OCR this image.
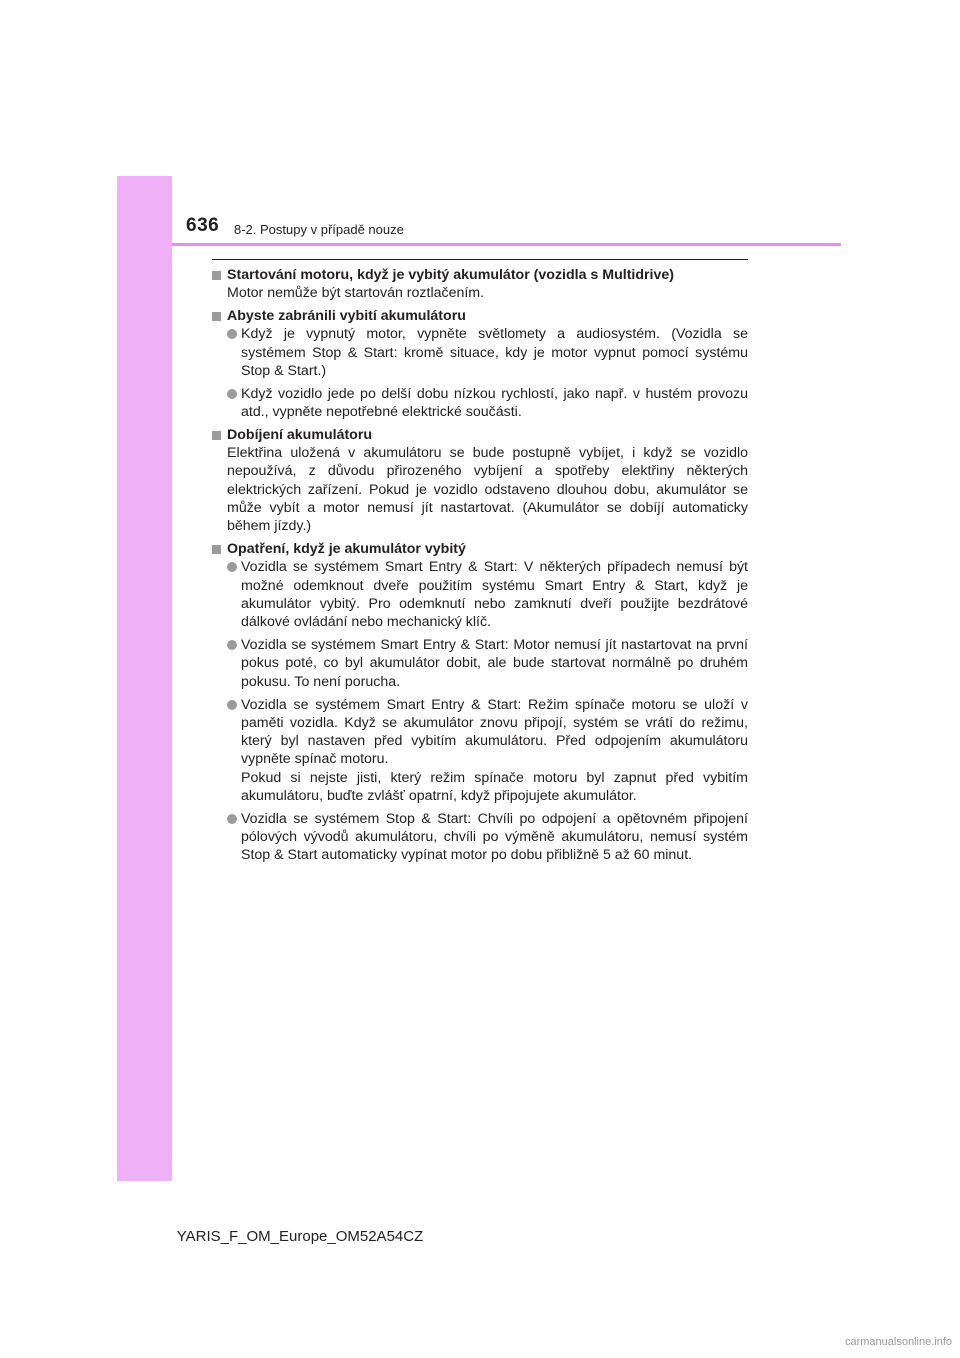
636 8-2. Postupy v případě nouze
Startování motoru, když je vybitý akumulátor (vozidla s Multidrive)

Motor nemůže být startován roztlačením.

Abyste zabránili vybití akumulátoru

Když je vypnutý motor, vypněte světlomety a audiosystém. (Vozidla se systémem Stop & Start: kromě situace, kdy je motor vypnut pomocí systému Stop & Start.)

Když vozidlo jede po delší dobu nízkou rychlostí, jako např. v hustém provozu atd., vypněte nepotřebné elektrické součásti.

Dobíjení akumulátoru

Elektřina uložená v akumulátoru se bude postupně vybíjet, i když se vozidlo nepoužívá, z důvodu přirozeného vybíjení a spotřeby elektřiny některých elektrických zařízení. Pokud je vozidlo odstaveno dlouhou dobu, akumulátor se může vybít a motor nemusí jít nastartovat. (Akumulátor se dobíjí automaticky během jízdy.)

Opatření, když je akumulátor vybitý

Vozidla se systémem Smart Entry & Start: V některých případech nemusí být možné odemknout dveře použitím systému Smart Entry & Start, když je akumulátor vybitý. Pro odemknutí nebo zamknutí dveří použijte bezdrátové dálkové ovládání nebo mechanický klíč.

Vozidla se systémem Smart Entry & Start: Motor nemusí jít nastartovat na první pokus poté, co byl akumulátor dobit, ale bude startovat normálně po druhém pokusu. To není porucha.

Vozidla se systémem Smart Entry & Start: Režim spínače motoru se uloží v paměti vozidla. Když se akumulátor znovu připojí, systém se vrátí do režimu, který byl nastaven před vybitím akumulátoru. Před odpojením akumulátoru vypněte spínač motoru.
Pokud si nejste jisti, který režim spínače motoru byl zapnut před vybitím akumulátoru, buďte zvlášť opatrní, když připojujete akumulátor.

Vozidla se systémem Stop & Start: Chvíli po odpojení a opětovném připojení pólových vývodů akumulátoru, chvíli po výměně akumulátoru, nemusí systém Stop & Start automaticky vypínat motor po dobu přibližně 5 až 60 minut.

YARIS_F_OM_Europe_OM52A54CZ
carmanualsonline.info
